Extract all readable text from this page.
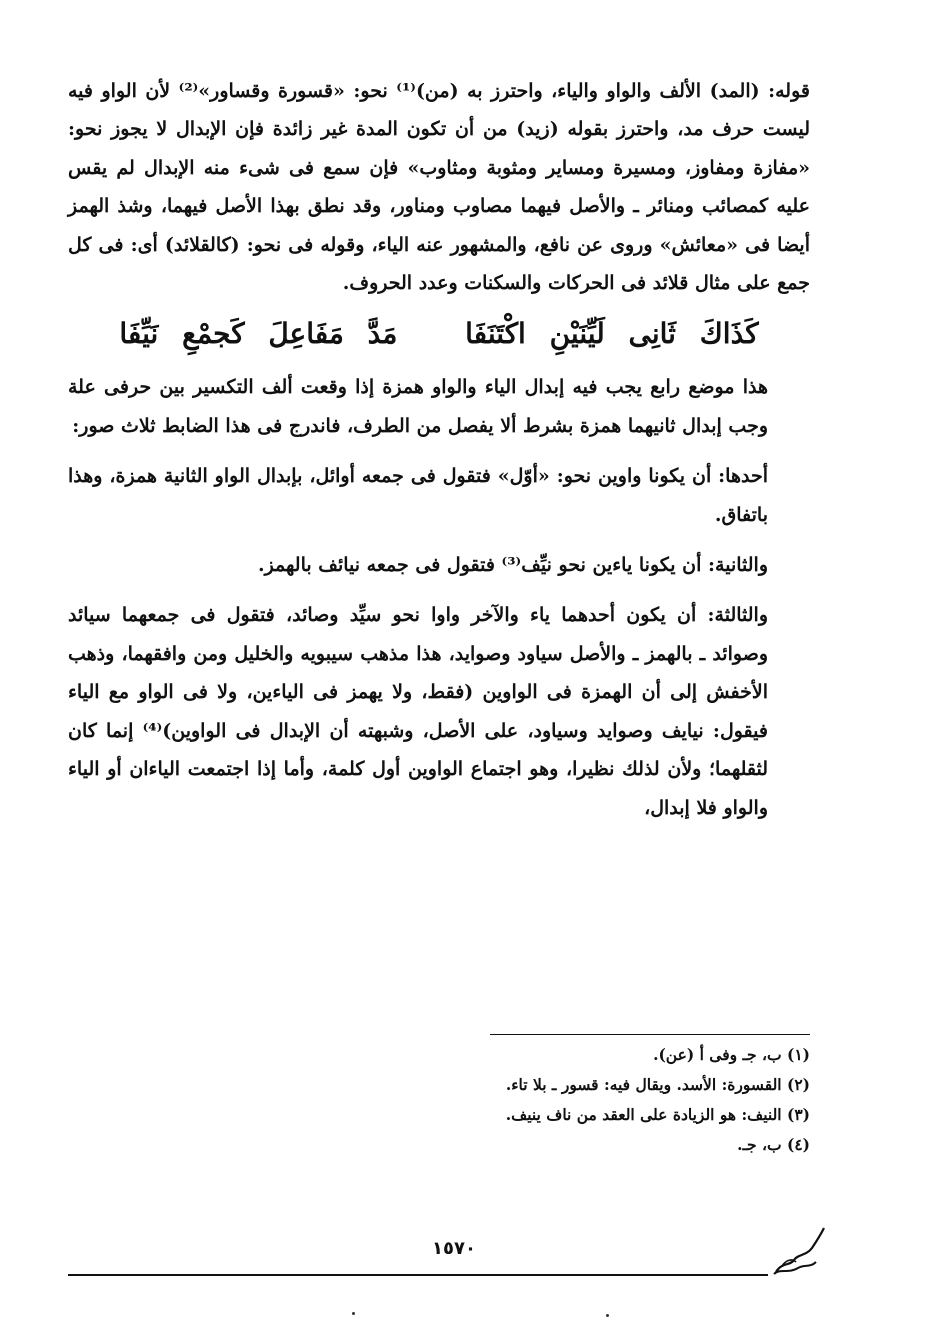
قوله: (المد) الألف والواو والياء، واحترز به (من)⁽¹⁾ نحو: «قسورة وقساور»⁽²⁾ لأن الواو فيه ليست حرف مد، واحترز بقوله (زيد) من أن تكون المدة غير زائدة فإن الإبدال لا يجوز نحو: «مفازة ومفاوز، ومسيرة ومساير ومثوبة ومثاوب» فإن سمع فى شىء منه الإبدال لم يقس عليه كمصائب ومنائر ـ والأصل فيهما مصاوب ومناور، وقد نطق بهذا الأصل فيهما، وشذ الهمز أيضا فى «معائش» وروى عن نافع، والمشهور عنه الياء، وقوله فى نحو: (كالقلائد) أى: فى كل جمع على مثال قلائد فى الحركات والسكنات وعدد الحروف.

كَذَاكَ ثَانِى لَيِّنَيْنِ اكْتَنَفَا مَدَّ مَفَاعِلَ كَجمْعِ نَيِّفَا

هذا موضع رابع يجب فيه إبدال الياء والواو همزة إذا وقعت ألف التكسير بين حرفى علة وجب إبدال ثانيهما همزة بشرط ألا يفصل من الطرف، فاندرج فى هذا الضابط ثلاث صور:

أحدها: أن يكونا واوين نحو: «أوّل» فتقول فى جمعه أوائل، بإبدال الواو الثانية همزة، وهذا باتفاق.

والثانية: أن يكونا ياءين نحو نيِّف⁽³⁾ فتقول فى جمعه نيائف بالهمز.

والثالثة: أن يكون أحدهما ياء والآخر واوا نحو سيِّد وصائد، فتقول فى جمعهما سيائد وصوائد ـ بالهمز ـ والأصل سياود وصوايد، هذا مذهب سيبويه والخليل ومن وافقهما، وذهب الأخفش إلى أن الهمزة فى الواوين (فقط، ولا يهمز فى الياءين، ولا فى الواو مع الياء فيقول: نيايف وصوايد وسياود، على الأصل، وشبهته أن الإبدال فى الواوين)⁽⁴⁾ إنما كان لثقلهما؛ ولأن لذلك نظيرا، وهو اجتماع الواوين أول كلمة، وأما إذا اجتمعت الياءان أو الياء والواو فلا إبدال،

(١) ب، جـ وفى أ (عن).
(٢) القسورة: الأسد. ويقال فيه: قسور ـ بلا تاء.
(٣) النيف: هو الزيادة على العقد من ناف ينيف.
(٤) ب، جـ.
١٥٧٠
